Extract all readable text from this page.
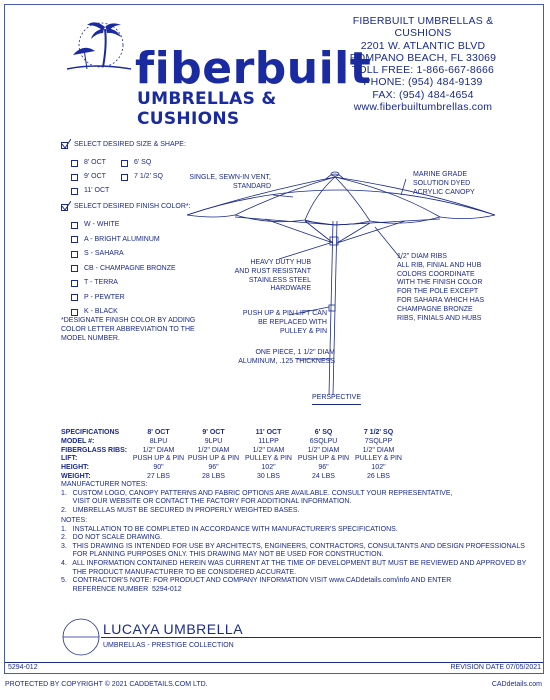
fiberbuilt
UMBRELLAS & CUSHIONS
FIBERBUILT UMBRELLAS & CUSHIONS
2201 W. ATLANTIC BLVD
POMPANO BEACH, FL 33069
TOLL FREE: 1-866-667-8666
PHONE: (954) 484-9139
FAX: (954) 484-4654
www.fiberbuiltumbrellas.com
SELECT DESIRED SIZE & SHAPE:
8' OCT
9' OCT
11' OCT
6' SQ
7 1/2' SQ
SELECT DESIRED FINISH COLOR*:
W - WHITE
A - BRIGHT ALUMINUM
S - SAHARA
CB - CHAMPAGNE BRONZE
T - TERRA
P - PEWTER
K - BLACK
*DESIGNATE FINISH COLOR BY ADDING
COLOR LETTER ABBREVIATION TO THE
MODEL NUMBER.
SINGLE, SEWN-IN VENT,
STANDARD
MARINE GRADE
SOLUTION DYED
ACRYLIC CANOPY
HEAVY DUTY HUB
AND RUST RESISTANT
STAINLESS STEEL
HARDWARE
1/2" DIAM RIBS
ALL RIB, FINIAL AND HUB
COLORS COORDINATE
WITH THE FINISH COLOR
FOR THE POLE EXCEPT
FOR SAHARA WHICH HAS
CHAMPAGNE BRONZE
RIBS, FINIALS AND HUBS
PUSH UP & PIN LIFT CAN
BE REPLACED WITH
PULLEY & PIN
ONE PIECE, 1 1/2" DIAM
ALUMINUM, .125 THICKNESS
PERSPECTIVE
SPECIFICATIONS	8' OCT	9' OCT	11' OCT	6' SQ	7 1/2' SQ
MODEL #:	8LPU	9LPU	11LPP	6SQLPU	7SQLPP
FIBERGLASS RIBS:	1/2" DIAM	1/2" DIAM	1/2" DIAM	1/2" DIAM	1/2" DIAM
LIFT:	PUSH UP & PIN	PUSH UP & PIN	PULLEY & PIN	PUSH UP & PIN	PULLEY & PIN
HEIGHT:	90"	96"	102"	96"	102"
WEIGHT:	27 LBS	28 LBS	30 LBS	24 LBS	26 LBS
MANUFACTURER NOTES:
1.   CUSTOM LOGO, CANOPY PATTERNS AND FABRIC OPTIONS ARE AVAILABLE. CONSULT YOUR REPRESENTATIVE,
VISIT OUR WEBSITE OR CONTACT THE FACTORY FOR ADDITIONAL INFORMATION.
2.   UMBRELLAS MUST BE SECURED IN PROPERLY WEIGHTED BASES.
NOTES:
1.   INSTALLATION TO BE COMPLETED IN ACCORDANCE WITH MANUFACTURER'S SPECIFICATIONS.
2.   DO NOT SCALE DRAWING.
3.   THIS DRAWING IS INTENDED FOR USE BY ARCHITECTS, ENGINEERS, CONTRACTORS, CONSULTANTS AND DESIGN PROFESSIONALS
FOR PLANNING PURPOSES ONLY. THIS DRAWING MAY NOT BE USED FOR CONSTRUCTION.
4.   ALL INFORMATION CONTAINED HEREIN WAS CURRENT AT THE TIME OF DEVELOPMENT BUT MUST BE REVIEWED AND APPROVED BY
THE PRODUCT MANUFACTURER TO BE CONSIDERED ACCURATE.
5.   CONTRACTOR'S NOTE: FOR PRODUCT AND COMPANY INFORMATION VISIT www.CADdetails.com/info AND ENTER
REFERENCE NUMBER  5294-012
LUCAYA UMBRELLA
UMBRELLAS - PRESTIGE COLLECTION
5294-012	REVISION DATE 07/05/2021
PROTECTED BY COPYRIGHT © 2021 CADDETAILS.COM LTD.	CADdetails.com
